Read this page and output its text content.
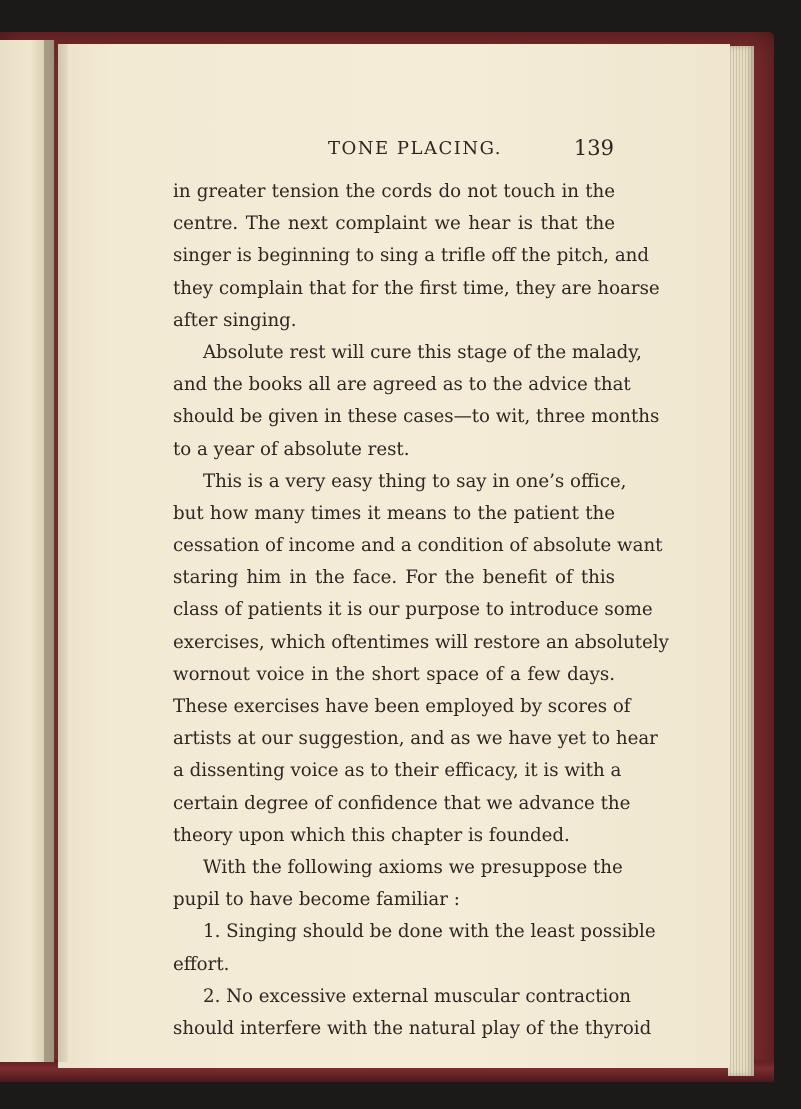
TONE PLACING.	139
in greater tension the cords do not touch in the
centre. The next complaint we hear is that the
singer is beginning to sing a trifle off the pitch, and
they complain that for the first time, they are hoarse
after singing.
Absolute rest will cure this stage of the malady,
and the books all are agreed as to the advice that
should be given in these cases—to wit, three months
to a year of absolute rest.
This is a very easy thing to say in one’s office,
but how many times it means to the patient the
cessation of income and a condition of absolute want
staring him in the face. For the benefit of this
class of patients it is our purpose to introduce some
exercises, which oftentimes will restore an absolutely
wornout voice in the short space of a few days.
These exercises have been employed by scores of
artists at our suggestion, and as we have yet to hear
a dissenting voice as to their efficacy, it is with a
certain degree of confidence that we advance the
theory upon which this chapter is founded.
With the following axioms we presuppose the
pupil to have become familiar :
1. Singing should be done with the least possible
effort.
2. No excessive external muscular contraction
should interfere with the natural play of the thyroid
